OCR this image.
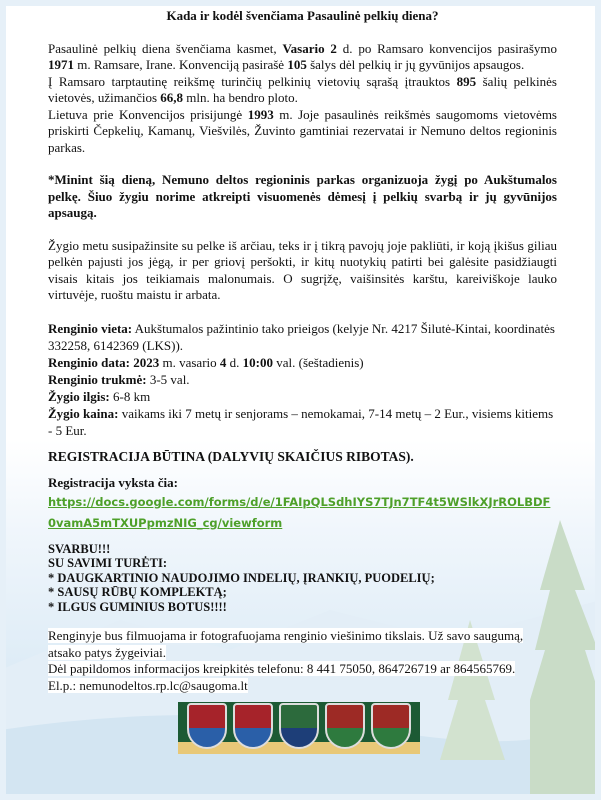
Kada ir kodėl švenčiama Pasaulinė pelkių diena?

Pasaulinė pelkių diena švenčiama kasmet, Vasario 2 d. po Ramsaro konvencijos pasirašymo 1971 m. Ramsare, Irane. Konvenciją pasirašė 105 šalys dėl pelkių ir jų gyvūnijos apsaugos.

Į Ramsaro tarptautinę reikšmę turinčių pelkinių vietovių sąrašą įtrauktos 895 šalių pelkinės vietovės, užimančios 66,8 mln. ha bendro ploto.

Lietuva prie Konvencijos prisijungė 1993 m. Joje pasaulinės reikšmės saugomoms vietovėms priskirti Čepkelių, Kamanų, Viešvilės, Žuvinto gamtiniai rezervatai ir Nemuno deltos regioninis parkas.

*Minint šią dieną, Nemuno deltos regioninis parkas organizuoja žygį po Aukštumalos pelkę. Šiuo žygiu norime atkreipti visuomenės dėmesį į pelkių svarbą ir jų gyvūnijos apsaugą.

Žygio metu susipažinsite su pelke iš arčiau, teks ir į tikrą pavojų joje pakliūti, ir koją įkišus giliau pelkėn pajusti jos jėgą, ir per griovį peršokti, ir kitų nuotykių patirti bei galėsite pasidžiaugti visais kitais jos teikiamais malonumais. O sugrįžę, vaišinsitės karštu, kareiviškoje lauko virtuvėje, ruoštu maistu ir arbata.

Renginio vieta: Aukštumalos pažintinio tako prieigos (kelyje Nr. 4217 Šilutė-Kintai, koordinatės 332258, 6142369 (LKS)).
Renginio data: 2023 m. vasario 4 d. 10:00 val. (šeštadienis)
Renginio trukmė: 3-5 val.
Žygio ilgis: 6-8 km
Žygio kaina: vaikams iki 7 metų ir senjorams – nemokamai, 7-14 metų – 2 Eur., visiems kitiems - 5 Eur.
REGISTRACIJA BŪTINA (DALYVIŲ SKAIČIUS RIBOTAS).
Registracija vyksta čia:
https://docs.google.com/forms/d/e/1FAIpQLSdhIYS7TJn7TF4t5WSlkXJrROLBDF0vamA5mTXUPpmzNIG_cg/viewform
SVARBU!!!
SU SAVIMI TURĖTI:
* DAUGKARTINIO NAUDOJIMO INDELIŲ, ĮRANKIŲ, PUODELIŲ;
* SAUSŲ RŪBŲ KOMPLEKTĄ;
* ILGUS GUMINIUS BOTUS!!!!
Renginyje bus filmuojama ir fotografuojama renginio viešinimo tikslais. Už savo saugumą, atsako patys žygeiviai.
Dėl papildomos informacijos kreipkitės telefonu: 8 441 75050, 864726719 ar 864565769.
El.p.: nemunodeltos.rp.lc@saugoma.lt
